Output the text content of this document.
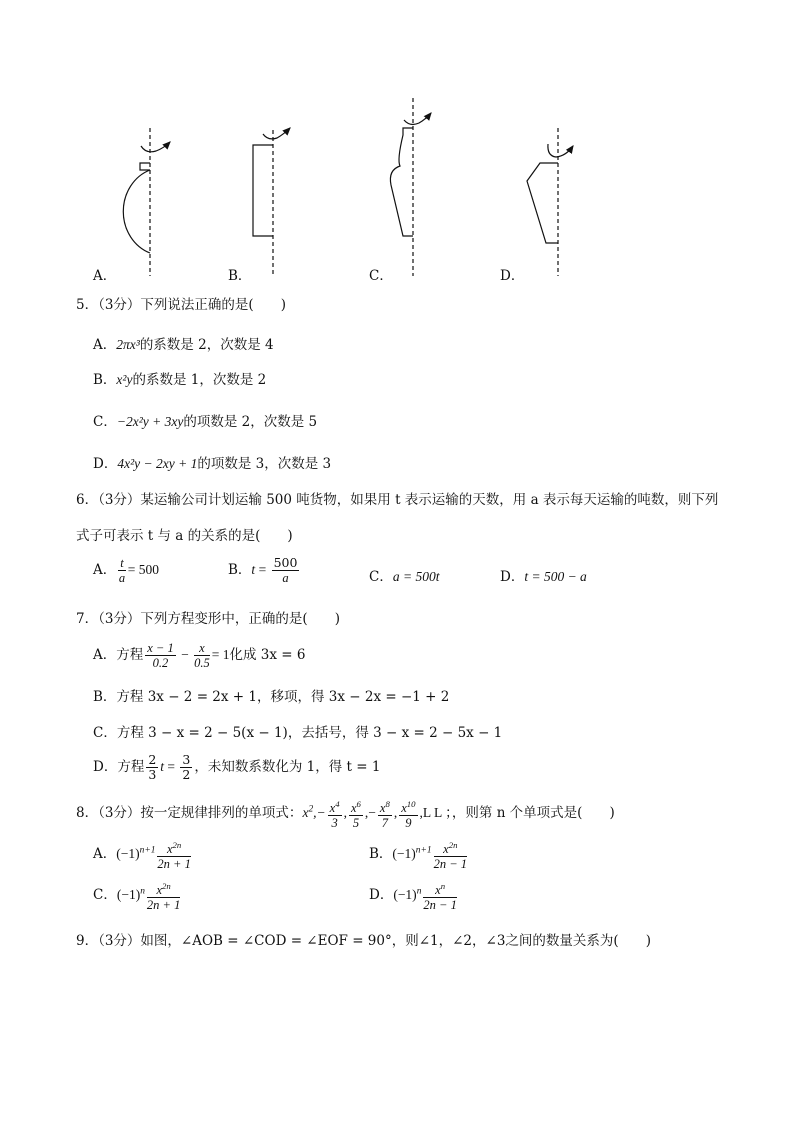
A．	B．	C．	D．
5．（3分）下列说法正确的是(　　)
A．2πx³的系数是 2，次数是 4
B．x²y的系数是 1，次数是 2
C．−2x²y + 3xy的项数是 2，次数是 5
D．4x²y − 2xy + 1的项数是 3，次数是 3
6．（3分）某运输公司计划运输 500 吨货物，如果用 t 表示运输的天数，用 a 表示每天运输的吨数，则下列
式子可表示 t 与 a 的关系的是(　　)
A． $\frac{t}{a} = 500$	B．$t = \frac{500}{a}$	C．a = 500t	D．t = 500 − a
7．（3分）下列方程变形中，正确的是(　　)
A．方程 $\frac{x - 1}{0.2} - \frac{x}{0.5} = 1$化成 3x = 6
B．方程 3x − 2 = 2x + 1，移项，得 3x − 2x = −1 + 2
C．方程 3 − x = 2 − 5(x − 1)，去括号，得 3 − x = 2 − 5x − 1
D．方程 $\frac{2}{3}$ $t = \frac{3}{2}$ ，未知数系数化为 1，得 t = 1
8．（3分）按一定规律排列的单项式：$x^2,- \frac{x^4}{3}$ , $\frac{x^6}{5}$ ,− $\frac{x^8}{7}$ , $\frac{x^{10}}{9} ,L$ L ；，则第 n 个单项式是(　　)
A．$(-1)^{n+1} \frac{x^{2n}}{2n + 1}$	B．$(-1)^{n+1} \frac{x^{2n}}{2n - 1}$
C．$(-1)^n \frac{x^{2n}}{2n + 1}$	D．$(-1)^n \frac{x^n}{2n - 1}$
9．（3分）如图，∠AOB = ∠COD = ∠EOF = 90°，则∠1，∠2，∠3之间的数量关系为(　　)
